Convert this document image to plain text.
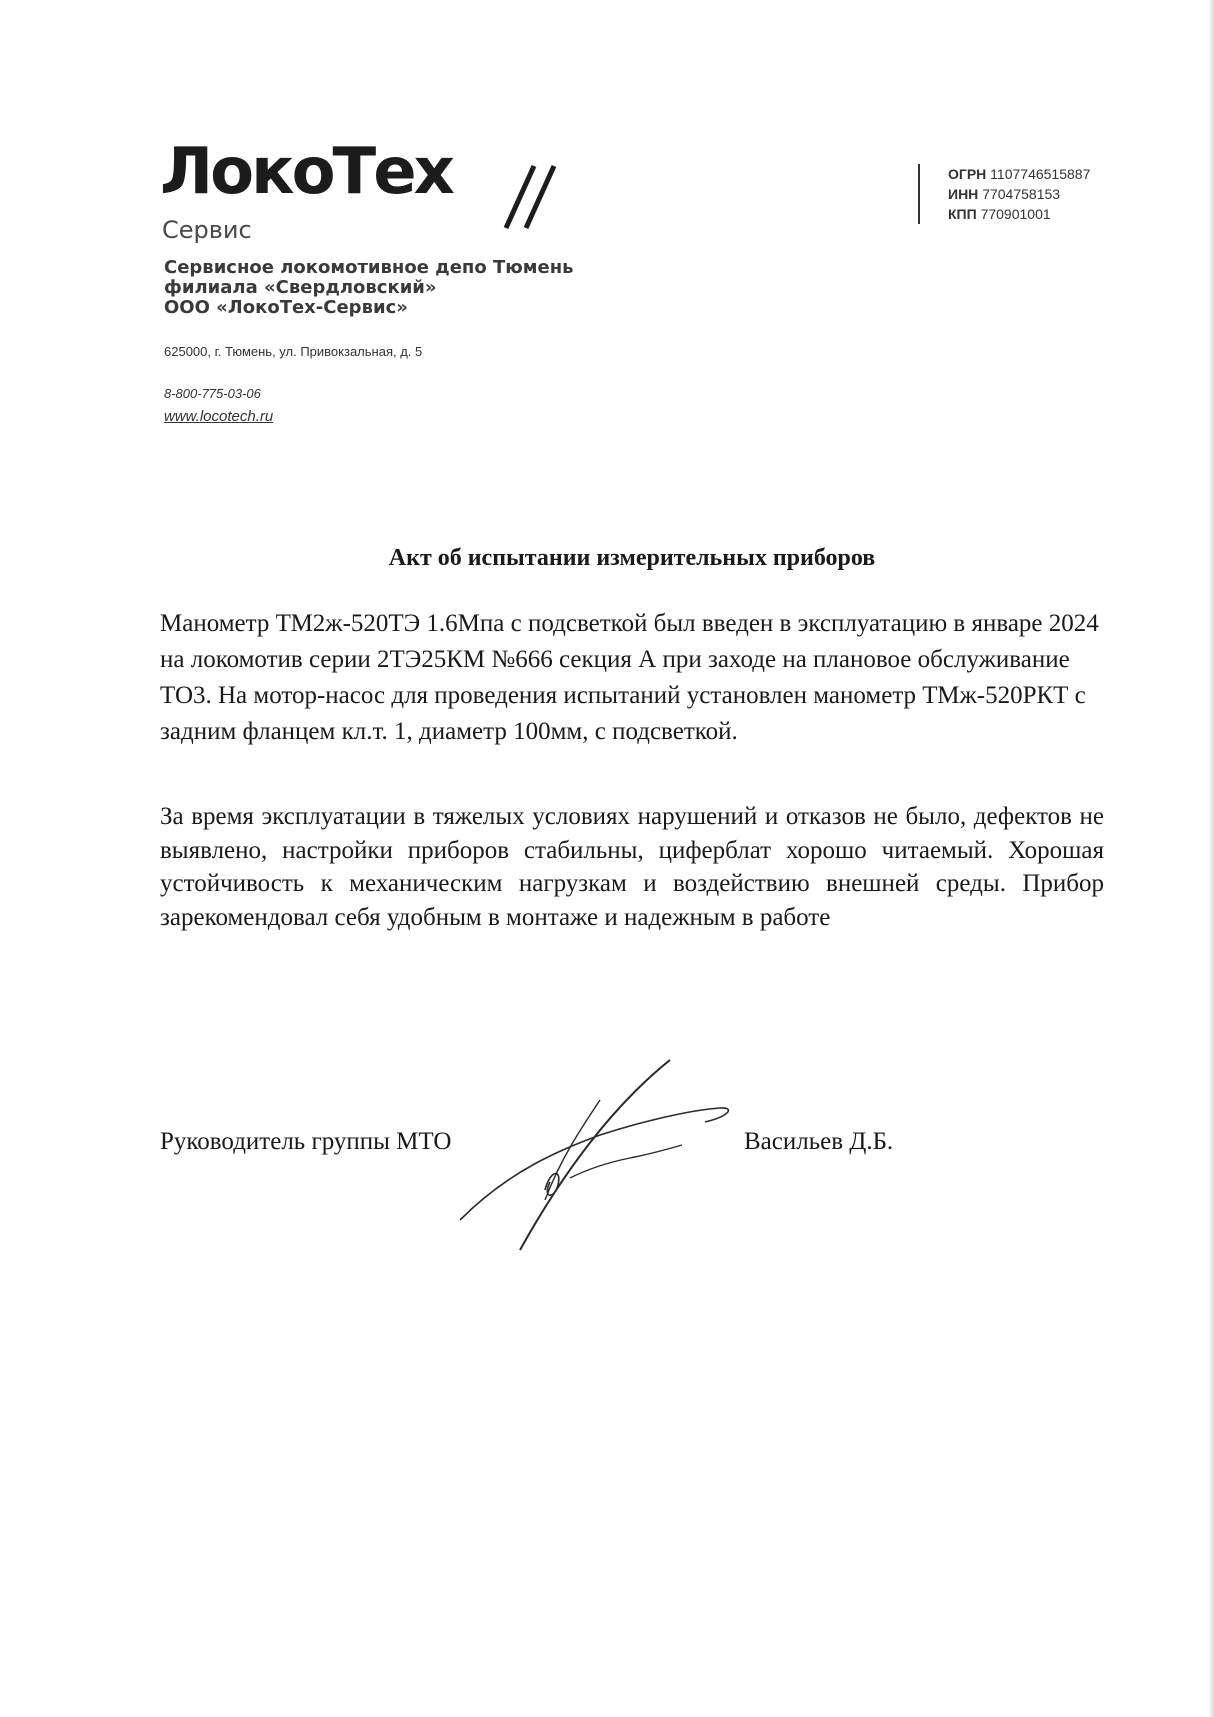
ЛокоТех
Сервис
ОГРН 1107746515887
ИНН 7704758153
КПП 770901001
Сервисное локомотивное депо Тюмень
филиала «Свердловский»
ООО «ЛокоТех-Сервис»
625000, г. Тюмень, ул. Привокзальная, д. 5
8-800-775-03-06
www.locotech.ru
Акт об испытании измерительных приборов

Манометр ТМ2ж-520ТЭ 1.6Мпа с подсветкой был введен в эксплуатацию в январе 2024 на локомотив серии 2ТЭ25КМ №666 секция А при заходе на плановое обслуживание ТО3. На мотор-насос для проведения испытаний установлен манометр ТМж-520РКТ с задним фланцем кл.т. 1, диаметр 100мм, с подсветкой.

За время эксплуатации в тяжелых условиях нарушений и отказов не было, дефектов не выявлено, настройки приборов стабильны, циферблат хорошо читаемый. Хорошая устойчивость к механическим нагрузкам и воздействию внешней среды. Прибор зарекомендовал себя удобным в монтаже и надежным в работе

Руководитель группы МТО	Васильев Д.Б.
